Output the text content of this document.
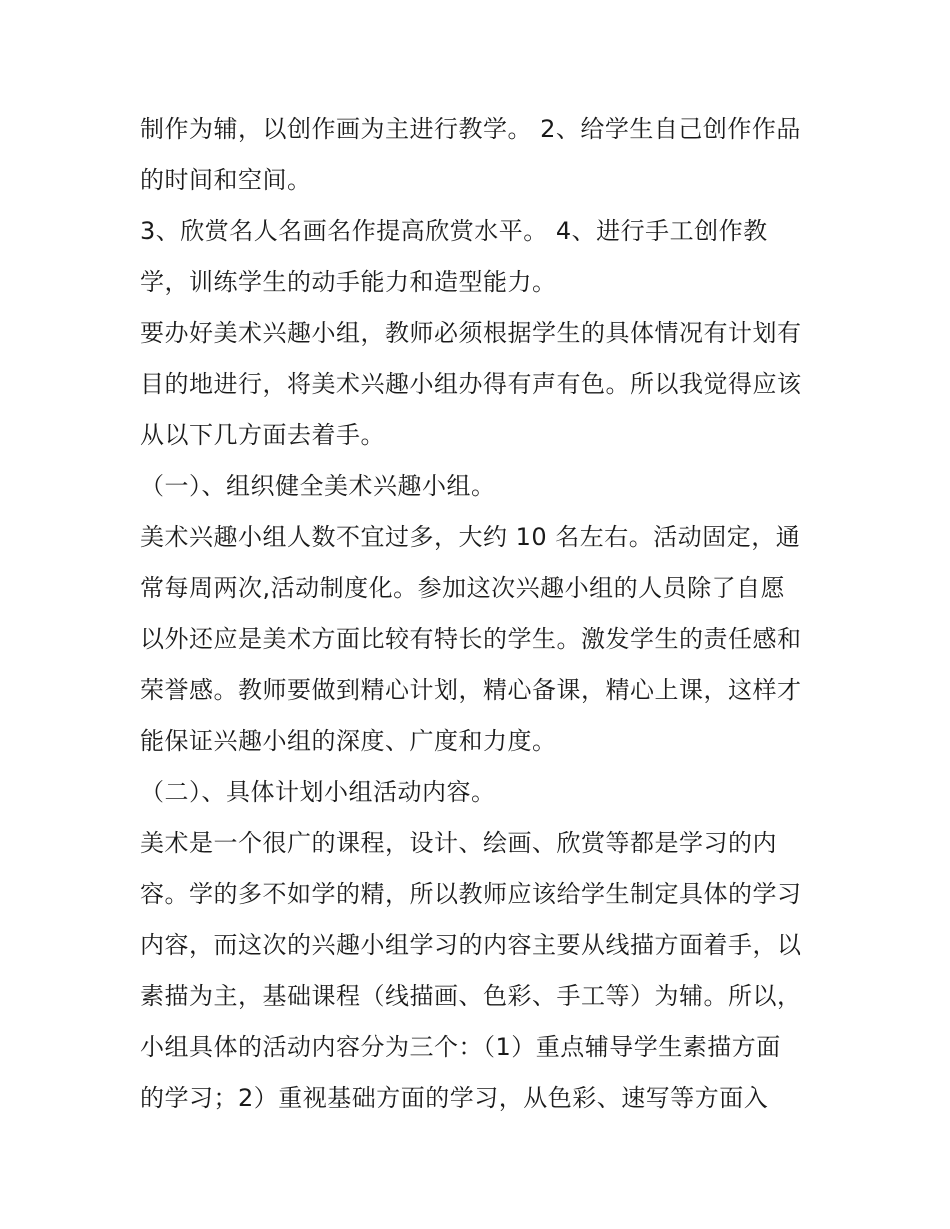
制作为辅，以创作画为主进行教学。 2、给学生自己创作作品
的时间和空间。
3、欣赏名人名画名作提高欣赏水平。 4、进行手工创作教
学，训练学生的动手能力和造型能力。
要办好美术兴趣小组，教师必须根据学生的具体情况有计划有
目的地进行，将美术兴趣小组办得有声有色。所以我觉得应该
从以下几方面去着手。
（一）、组织健全美术兴趣小组。
美术兴趣小组人数不宜过多，大约 10 名左右。活动固定，通
常每周两次,活动制度化。参加这次兴趣小组的人员除了自愿
以外还应是美术方面比较有特长的学生。激发学生的责任感和
荣誉感。教师要做到精心计划，精心备课，精心上课，这样才
能保证兴趣小组的深度、广度和力度。
（二）、具体计划小组活动内容。
美术是一个很广的课程，设计、绘画、欣赏等都是学习的内
容。学的多不如学的精，所以教师应该给学生制定具体的学习
内容，而这次的兴趣小组学习的内容主要从线描方面着手，以
素描为主，基础课程（线描画、色彩、手工等）为辅。所以，
小组具体的活动内容分为三个：（1）重点辅导学生素描方面
的学习；2）重视基础方面的学习，从色彩、速写等方面入
